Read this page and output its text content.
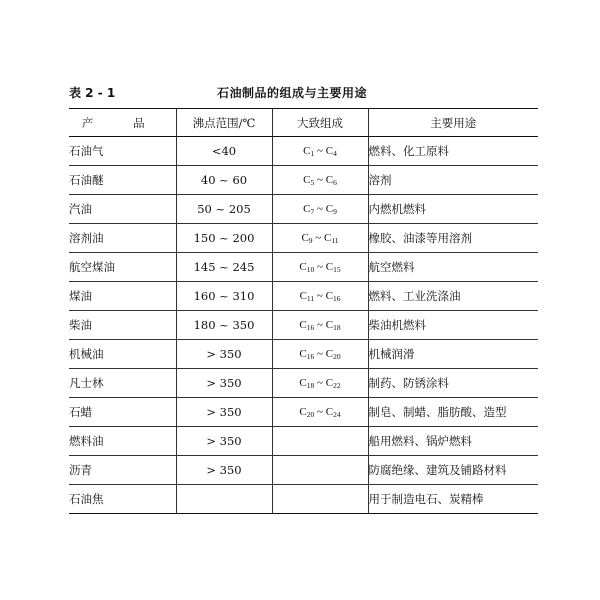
表 2 - 1	石油制品的组成与主要用途
产 品	沸点范围/℃	大致组成	主要用途
石油气	<40	$C_1$ ~ $C_4$	燃料、化工原料
石油醚	40 ~ 60	$C_5$ ~ $C_6$	溶剂
汽油	50 ~ 205	$C_7$ ~ $C_9$	内燃机燃料
溶剂油	150 ~ 200	$C_9$ ~ $C_{11}$	橡胶、油漆等用溶剂
航空煤油	145 ~ 245	$C_{10}$ ~ $C_{15}$	航空燃料
煤油	160 ~ 310	$C_{11}$ ~ $C_{16}$	燃料、工业洗涤油
柴油	180 ~ 350	$C_{16}$ ~ $C_{18}$	柴油机燃料
机械油	> 350	$C_{16}$ ~ $C_{20}$	机械润滑
凡士林	> 350	$C_{18}$ ~ $C_{22}$	制药、防锈涂料
石蜡	> 350	$C_{20}$ ~ $C_{24}$	制皂、制蜡、脂肪酸、造型
燃料油	> 350		船用燃料、锅炉燃料
沥青	> 350		防腐绝缘、建筑及铺路材料
石油焦			用于制造电石、炭精棒
